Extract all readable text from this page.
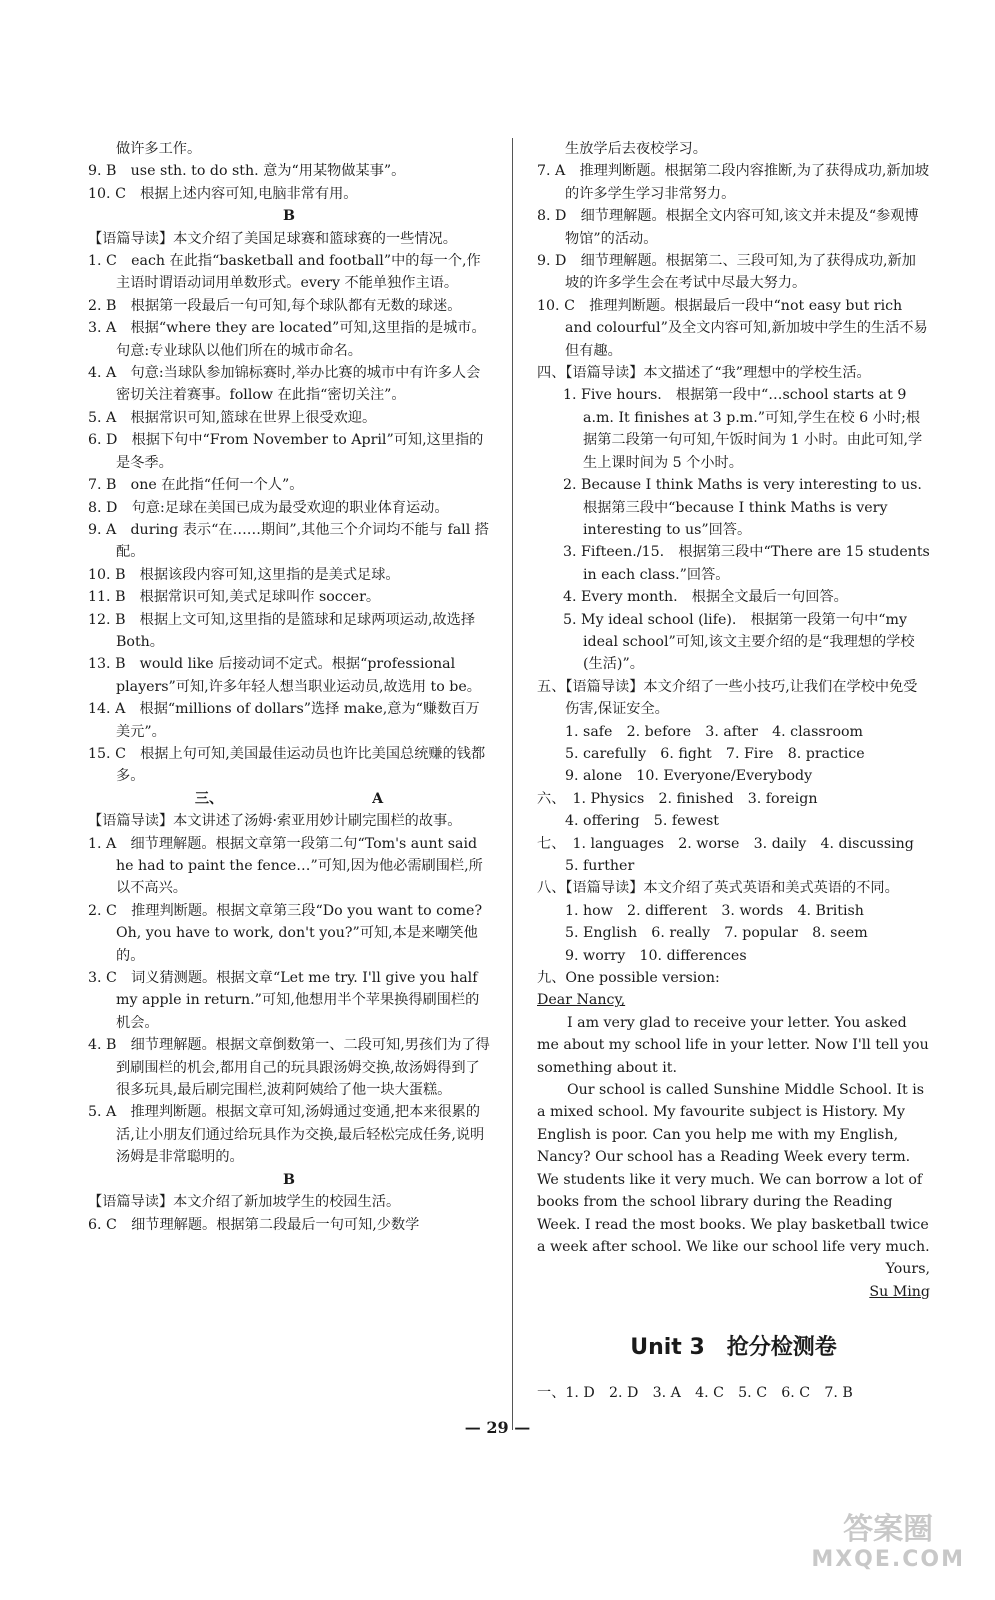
做许多工作。
9. B　use sth. to do sth. 意为“用某物做某事”。
10. C　根据上述内容可知,电脑非常有用。
B
【语篇导读】本文介绍了美国足球赛和篮球赛的一些情况。
1. C　each 在此指“basketball and football”中的每一个,作主语时谓语动词用单数形式。every 不能单独作主语。
2. B　根据第一段最后一句可知,每个球队都有无数的球迷。
3. A　根据“where they are located”可知,这里指的是城市。句意:专业球队以他们所在的城市命名。
4. A　句意:当球队参加锦标赛时,举办比赛的城市中有许多人会密切关注着赛事。follow 在此指“密切关注”。
5. A　根据常识可知,篮球在世界上很受欢迎。
6. D　根据下句中“From November to April”可知,这里指的是冬季。
7. B　one 在此指“任何一个人”。
8. D　句意:足球在美国已成为最受欢迎的职业体育运动。
9. A　during 表示“在……期间”,其他三个介词均不能与 fall 搭配。
10. B　根据该段内容可知,这里指的是美式足球。
11. B　根据常识可知,美式足球叫作 soccer。
12. B　根据上文可知,这里指的是篮球和足球两项运动,故选择 Both。
13. B　would like 后接动词不定式。根据“professional players”可知,许多年轻人想当职业运动员,故选用 to be。
14. A　根据“millions of dollars”选择 make,意为“赚数百万美元”。
15. C　根据上句可知,美国最佳运动员也许比美国总统赚的钱都多。
三、　　　　　　　　　　　A
【语篇导读】本文讲述了汤姆·索亚用妙计刷完围栏的故事。
1. A　细节理解题。根据文章第一段第二句“Tom's aunt said he had to paint the fence…”可知,因为他必需刷围栏,所以不高兴。
2. C　推理判断题。根据文章第三段“Do you want to come? Oh, you have to work, don't you?”可知,本是来嘲笑他的。
3. C　词义猜测题。根据文章“Let me try. I'll give you half my apple in return.”可知,他想用半个苹果换得刷围栏的机会。
4. B　细节理解题。根据文章倒数第一、二段可知,男孩们为了得到刷围栏的机会,都用自己的玩具跟汤姆交换,故汤姆得到了很多玩具,最后刷完围栏,波莉阿姨给了他一块大蛋糕。
5. A　推理判断题。根据文章可知,汤姆通过变通,把本来很累的活,让小朋友们通过给玩具作为交换,最后轻松完成任务,说明汤姆是非常聪明的。
B
【语篇导读】本文介绍了新加坡学生的校园生活。
6. C　细节理解题。根据第二段最后一句可知,少数学
生放学后去夜校学习。
7. A　推理判断题。根据第二段内容推断,为了获得成功,新加坡的许多学生学习非常努力。
8. D　细节理解题。根据全文内容可知,该文并未提及“参观博物馆”的活动。
9. D　细节理解题。根据第二、三段可知,为了获得成功,新加坡的许多学生会在考试中尽最大努力。
10. C　推理判断题。根据最后一段中“not easy but rich and colourful”及全文内容可知,新加坡中学生的生活不易但有趣。
四、【语篇导读】本文描述了“我”理想中的学校生活。
1. Five hours.　根据第一段中“…school starts at 9 a.m. It finishes at 3 p.m.”可知,学生在校 6 小时;根据第二段第一句可知,午饭时间为 1 小时。由此可知,学生上课时间为 5 个小时。
2. Because I think Maths is very interesting to us.　根据第三段中“because I think Maths is very interesting to us”回答。
3. Fifteen./15.　根据第三段中“There are 15 students in each class.”回答。
4. Every month.　根据全文最后一句回答。
5. My ideal school (life).　根据第一段第一句中“my ideal school”可知,该文主要介绍的是“我理想的学校(生活)”。
五、【语篇导读】本文介绍了一些小技巧,让我们在学校中免受伤害,保证安全。
1. safe　2. before　3. after　4. classroom
5. carefully　6. fight　7. Fire　8. practice
9. alone　10. Everyone/Everybody
六、　1. Physics　2. finished　3. foreign
4. offering　5. fewest
七、　1. languages　2. worse　3. daily　4. discussing
5. further
八、【语篇导读】本文介绍了英式英语和美式英语的不同。
1. how　2. different　3. words　4. British
5. English　6. really　7. popular　8. seem
9. worry　10. differences
九、One possible version:
Dear Nancy,
I am very glad to receive your letter. You asked me about my school life in your letter. Now I'll tell you something about it.
Our school is called Sunshine Middle School. It is a mixed school. My favourite subject is History. My English is poor. Can you help me with my English, Nancy? Our school has a Reading Week every term. We students like it very much. We can borrow a lot of books from the school library during the Reading Week. I read the most books. We play basketball twice a week after school. We like our school life very much.
Yours,
Su Ming
Unit 3　抢分检测卷
一、1. D　2. D　3. A　4. C　5. C　6. C　7. B
— 29 —
答案圈
MXQE.COM
